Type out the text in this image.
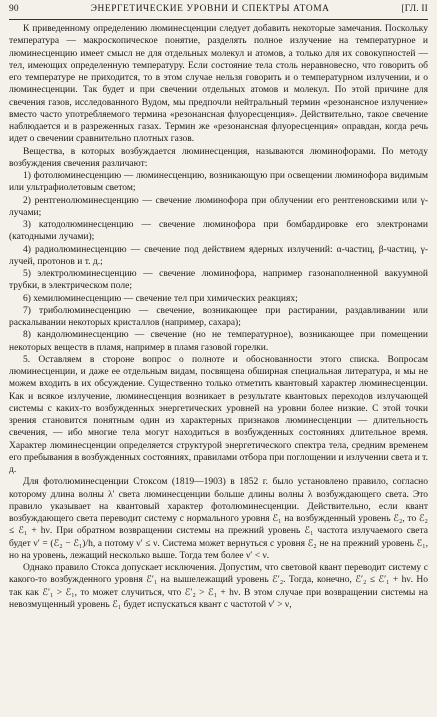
90	ЭНЕРГЕТИЧЕСКИЕ УРОВНИ И СПЕКТРЫ АТОМА	[ГЛ. II

К приведенному определению люминесценции следует добавить некоторые замечания. Поскольку температура — макроскопическое понятие, разделять полное излучение на температурное и люминесценцию имеет смысл не для отдельных молекул и атомов, а только для их совокупностей — тел, имеющих определенную температуру. Если состояние тела столь неравновесно, что говорить об его температуре не приходится, то в этом случае нельзя говорить и о температурном излучении, и о люминесценции. Так будет и при свечении отдельных атомов и молекул. По этой причине для свечения газов, исследованного Вудом, мы предпочли нейтральный термин «резонансное излучение» вместо часто употребляемого термина «резонансная флуоресценция». Действительно, такое свечение наблюдается и в разреженных газах. Термин же «резонансная флуоресценция» оправдан, когда речь идет о свечении сравнительно плотных газов.

Вещества, в которых возбуждается люминесценция, называются люминофорами. По методу возбуждения свечения различают:

1) фотолюминесценцию — люминесценцию, возникающую при освещении люминофора видимым или ультрафиолетовым светом;

2) рентгенолюминесценцию — свечение люминофора при облучении его рентгеновскими или γ-лучами;

3) катодолюминесценцию — свечение люминофора при бомбардировке его электронами (катодными лучами);

4) радиолюминесценцию — свечение под действием ядерных излучений: α-частиц, β-частиц, γ-лучей, протонов и т. д.;

5) электролюминесценцию — свечение люминофора, например газонаполненной вакуумной трубки, в электрическом поле;

6) хемилюминесценцию — свечение тел при химических реакциях;

7) триболюминесценцию — свечение, возникающее при растирании, раздавливании или раскалывании некоторых кристаллов (например, сахара);

8) кандолюминесценцию — свечение (но не температурное), возникающее при помещении некоторых веществ в пламя, например в пламя газовой горелки.

5. Оставляем в стороне вопрос о полноте и обоснованности этого списка. Вопросам люминесценции, и даже ее отдельным видам, посвящена обширная специальная литература, и мы не можем входить в их обсуждение. Существенно только отметить квантовый характер люминесценции. Как и всякое излучение, люминесценция возникает в результате квантовых переходов излучающей системы с каких-то возбужденных энергетических уровней на уровни более низкие. С этой точки зрения становится понятным один из характерных признаков люминесценции — длительность свечения, — ибо многие тела могут находиться в возбужденных состояниях длительное время. Характер люминесценции определяется структурой энергетического спектра тела, средним временем его пребывания в возбужденных состояниях, правилами отбора при поглощении и излучении света и т. д.

Для фотолюминесценции Стоксом (1819—1903) в 1852 г. было установлено правило, согласно которому длина волны λ′ света люминесценции больше длины волны λ возбуждающего света. Это правило указывает на квантовый характер фотолюминесценции. Действительно, если квант возбуждающего света переводит систему с нормального уровня ℰ₁ на возбужденный уровень ℰ₂, то ℰ₂ ≤ ℰ₁ + hν. При обратном возвращении системы на прежний уровень ℰ₁ частота излучаемого света будет ν′ = (ℰ₂ − ℰ₁)/h, а потому ν′ ≤ ν. Система может вернуться с уровня ℰ₂ не на прежний уровень ℰ₁, но на уровень, лежащий несколько выше. Тогда тем более ν′ < ν.

Однако правило Стокса допускает исключения. Допустим, что световой квант переводит систему с какого-то возбужденного уровня ℰ′₁ на вышележащий уровень ℰ′₂. Тогда, конечно, ℰ′₂ ≤ ℰ′₁ + hν. Но так как ℰ′₁ > ℰ₁, то может случиться, что ℰ′₂ > ℰ₁ + hν. В этом случае при возвращении системы на невозмущенный уровень ℰ₁ будет испускаться квант с частотой ν′ > ν,
